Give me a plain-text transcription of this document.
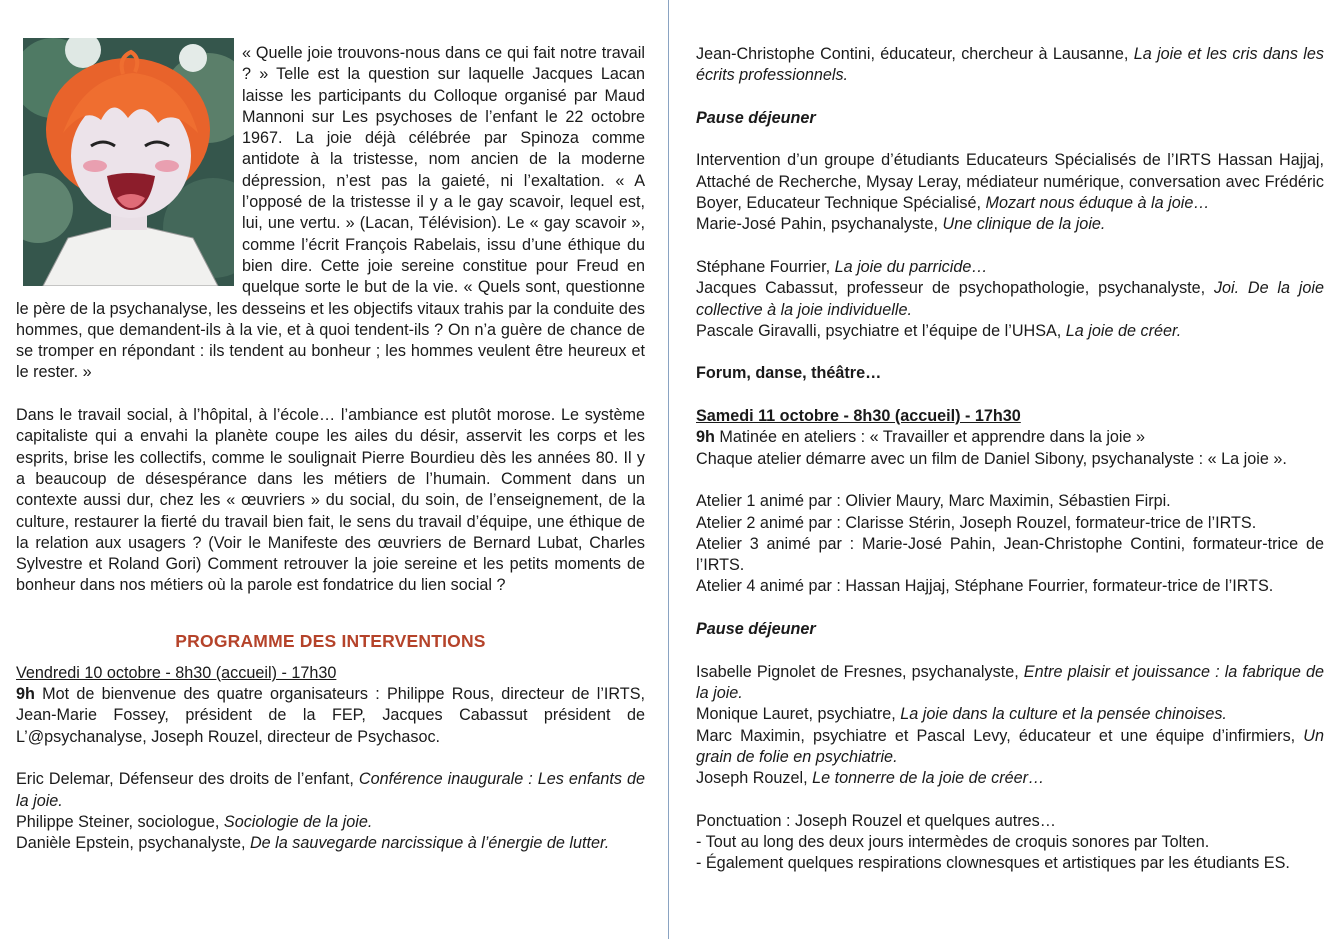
« Quelle joie trouvons-nous dans ce qui fait notre travail ? » Telle est la question sur laquelle Jacques Lacan laisse les participants du Colloque organisé par Maud Mannoni sur Les psychoses de l’enfant le 22 octobre 1967. La joie déjà célébrée par Spinoza comme antidote à la tristesse, nom ancien de la moderne dépression, n’est pas la gaieté, ni l’exaltation. « A l’opposé de la tristesse il y a le gay scavoir, lequel est, lui, une vertu. » (Lacan, Télévision). Le « gay scavoir », comme l’écrit François Rabelais, issu d’une éthique du bien dire. Cette joie sereine constitue pour Freud en quelque sorte le but de la vie. « Quels sont, questionne le père de la psychanalyse, les desseins et les objectifs vitaux trahis par la conduite des hommes, que demandent-ils à la vie, et à quoi tendent-ils ? On n’a guère de chance de se tromper en répondant : ils tendent au bonheur ; les hommes veulent être heureux et le rester. »

Dans le travail social, à l’hôpital, à l’école… l’ambiance est plutôt morose. Le système capitaliste qui a envahi la planète coupe les ailes du désir, asservit les corps et les esprits, brise les collectifs, comme le soulignait Pierre Bourdieu dès les années 80. Il y a beaucoup de désespérance dans les métiers de l’humain. Comment dans un contexte aussi dur, chez les « œuvriers » du social, du soin, de l’enseignement, de la culture, restaurer la fierté du travail bien fait, le sens du travail d’équipe, une éthique de la relation aux usagers ? (Voir le Manifeste des œuvriers de Bernard Lubat, Charles Sylvestre et Roland Gori) Comment retrouver la joie sereine et les petits moments de bonheur dans nos métiers où la parole est fondatrice du lien social ?

PROGRAMME DES INTERVENTIONS

Vendredi 10 octobre - 8h30 (accueil) - 17h30

9h Mot de bienvenue des quatre organisateurs : Philippe Rous, directeur de l’IRTS, Jean-Marie Fossey, président de la FEP, Jacques Cabassut président de L’@psychanalyse, Joseph Rouzel, directeur de Psychasoc.

Eric Delemar, Défenseur des droits de l’enfant, Conférence inaugurale : Les enfants de la joie.

Philippe Steiner, sociologue, Sociologie de la joie.

Danièle Epstein, psychanalyste, De la sauvegarde narcissique à l’énergie de lutter.

Jean-Christophe Contini, éducateur, chercheur à Lausanne, La joie et les cris dans les écrits professionnels.

Pause déjeuner

Intervention d’un groupe d’étudiants Educateurs Spécialisés de l’IRTS Hassan Hajjaj, Attaché de Recherche, Mysay Leray, médiateur numérique, conversation avec Frédéric Boyer, Educateur Technique Spécialisé, Mozart nous éduque à la joie…

Marie-José Pahin, psychanalyste, Une clinique de la joie.

Stéphane Fourrier, La joie du parricide…

Jacques Cabassut, professeur de psychopathologie, psychanalyste, Joi. De la joie collective à la joie individuelle.

Pascale Giravalli, psychiatre et l’équipe de l’UHSA, La joie de créer.

Forum, danse, théâtre…

Samedi 11 octobre - 8h30 (accueil) - 17h30

9h Matinée en ateliers : « Travailler et apprendre dans la joie »

Chaque atelier démarre avec un film de Daniel Sibony, psychanalyste : « La joie ».

Atelier 1 animé par : Olivier Maury, Marc Maximin, Sébastien Firpi.

Atelier 2 animé par : Clarisse Stérin, Joseph Rouzel, formateur-trice de l’IRTS.

Atelier 3 animé par : Marie-José Pahin, Jean-Christophe Contini, formateur-trice de l’IRTS.

Atelier 4 animé par : Hassan Hajjaj, Stéphane Fourrier, formateur-trice de l’IRTS.

Pause déjeuner

Isabelle Pignolet de Fresnes, psychanalyste, Entre plaisir et jouissance : la fabrique de la joie.

Monique Lauret, psychiatre, La joie dans la culture et la pensée chinoises.

Marc Maximin, psychiatre et Pascal Levy, éducateur et une équipe d’infirmiers, Un grain de folie en psychiatrie.

Joseph Rouzel, Le tonnerre de la joie de créer…

Ponctuation : Joseph Rouzel et quelques autres…

- Tout au long des deux jours intermèdes de croquis sonores par Tolten.

- Également quelques respirations clownesques et artistiques par les étudiants ES.
